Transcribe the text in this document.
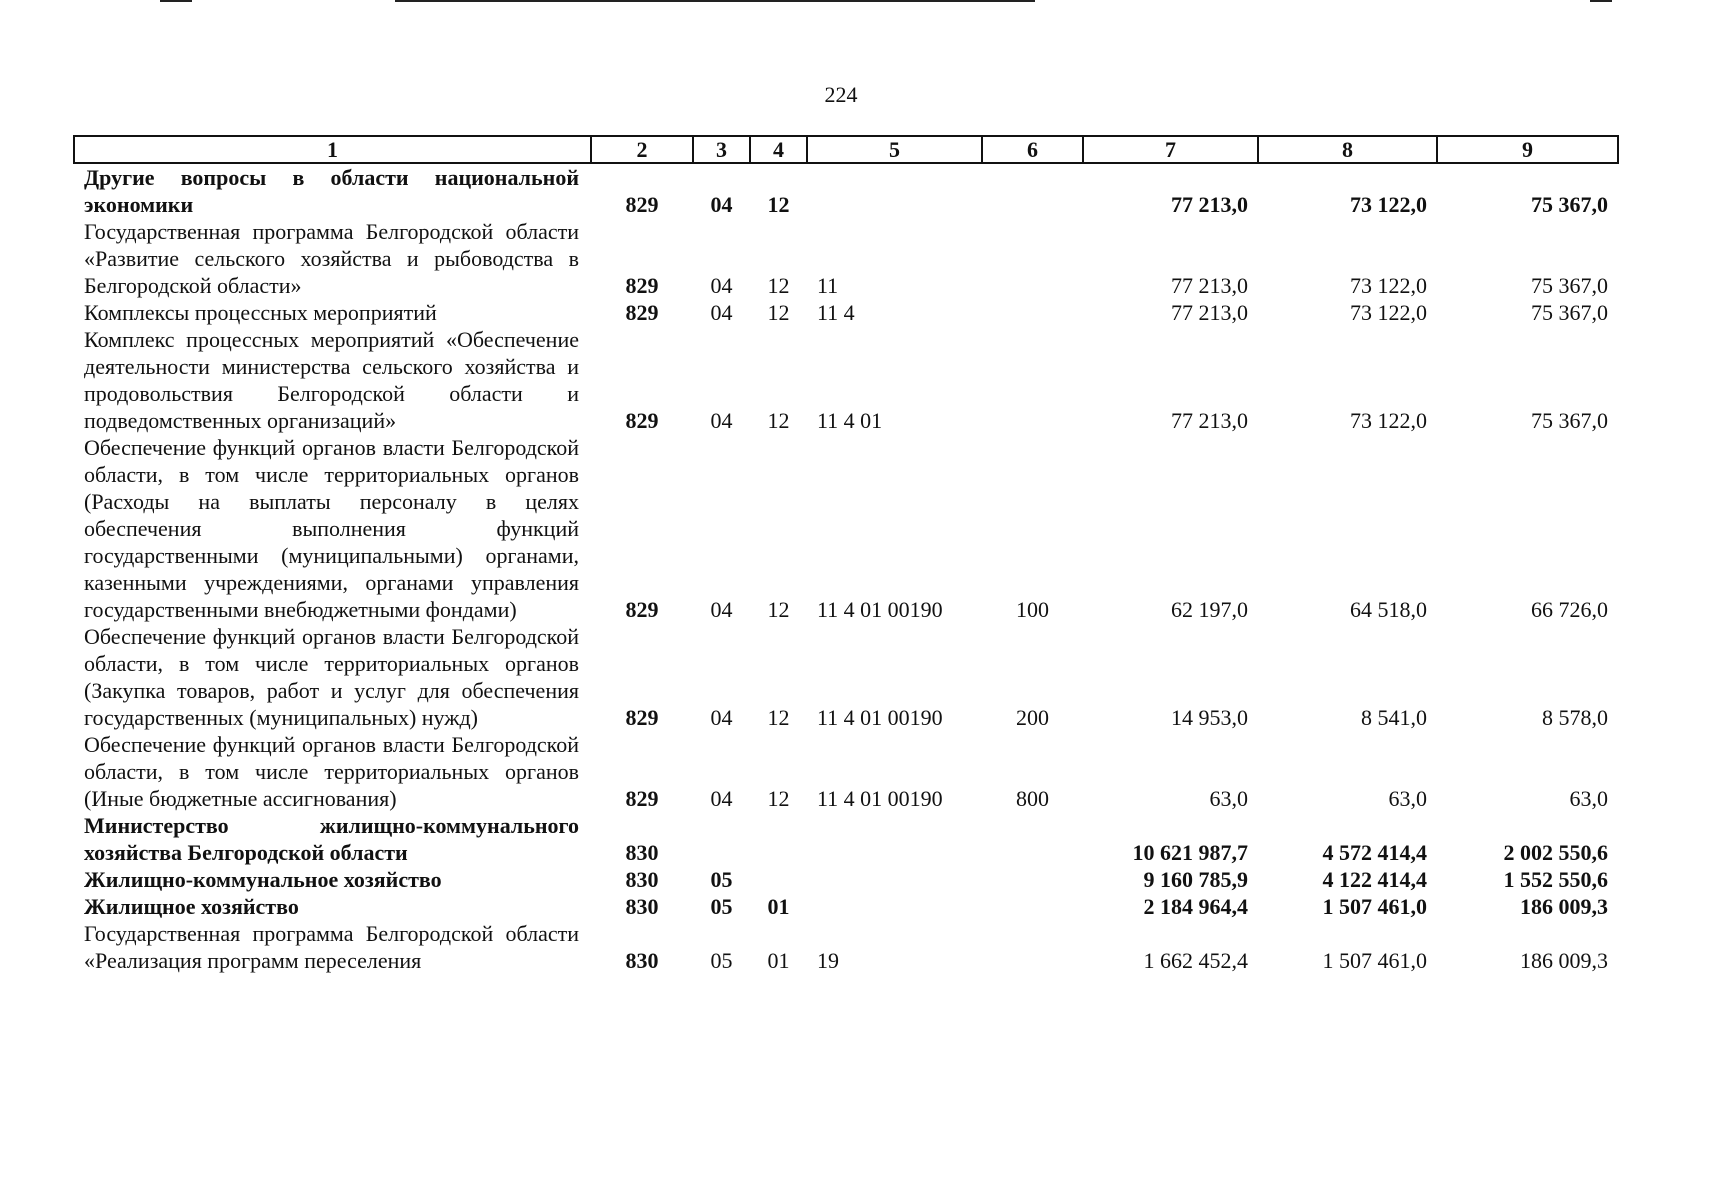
224
1	2	3	4	5	6	7	8	9
Другие вопросы в области национальной экономики	829	04	12			77 213,0	73 122,0	75 367,0
Государственная программа Белгородской области «Развитие сельского хозяйства и рыбоводства в Белгородской области»	829	04	12	11		77 213,0	73 122,0	75 367,0
Комплексы процессных мероприятий	829	04	12	11 4		77 213,0	73 122,0	75 367,0
Комплекс процессных мероприятий «Обеспечение деятельности министерства сельского хозяйства и продовольствия Белгородской области и подведомственных организаций»	829	04	12	11 4 01		77 213,0	73 122,0	75 367,0
Обеспечение функций органов власти Белгородской области, в том числе территориальных органов (Расходы на выплаты персоналу в целях обеспечения выполнения функций государственными (муниципальными) органами, казенными учреждениями, органами управления государственными внебюджетными фондами)	829	04	12	11 4 01 00190	100	62 197,0	64 518,0	66 726,0
Обеспечение функций органов власти Белгородской области, в том числе территориальных органов (Закупка товаров, работ и услуг для обеспечения государственных (муниципальных) нужд)	829	04	12	11 4 01 00190	200	14 953,0	8 541,0	8 578,0
Обеспечение функций органов власти Белгородской области, в том числе территориальных органов (Иные бюджетные ассигнования)	829	04	12	11 4 01 00190	800	63,0	63,0	63,0
Министерство жилищно-коммунального хозяйства Белгородской области	830					10 621 987,7	4 572 414,4	2 002 550,6
Жилищно-коммунальное хозяйство	830	05				9 160 785,9	4 122 414,4	1 552 550,6
Жилищное хозяйство	830	05	01			2 184 964,4	1 507 461,0	186 009,3
Государственная программа Белгородской области «Реализация программ переселения	830	05	01	19		1 662 452,4	1 507 461,0	186 009,3
